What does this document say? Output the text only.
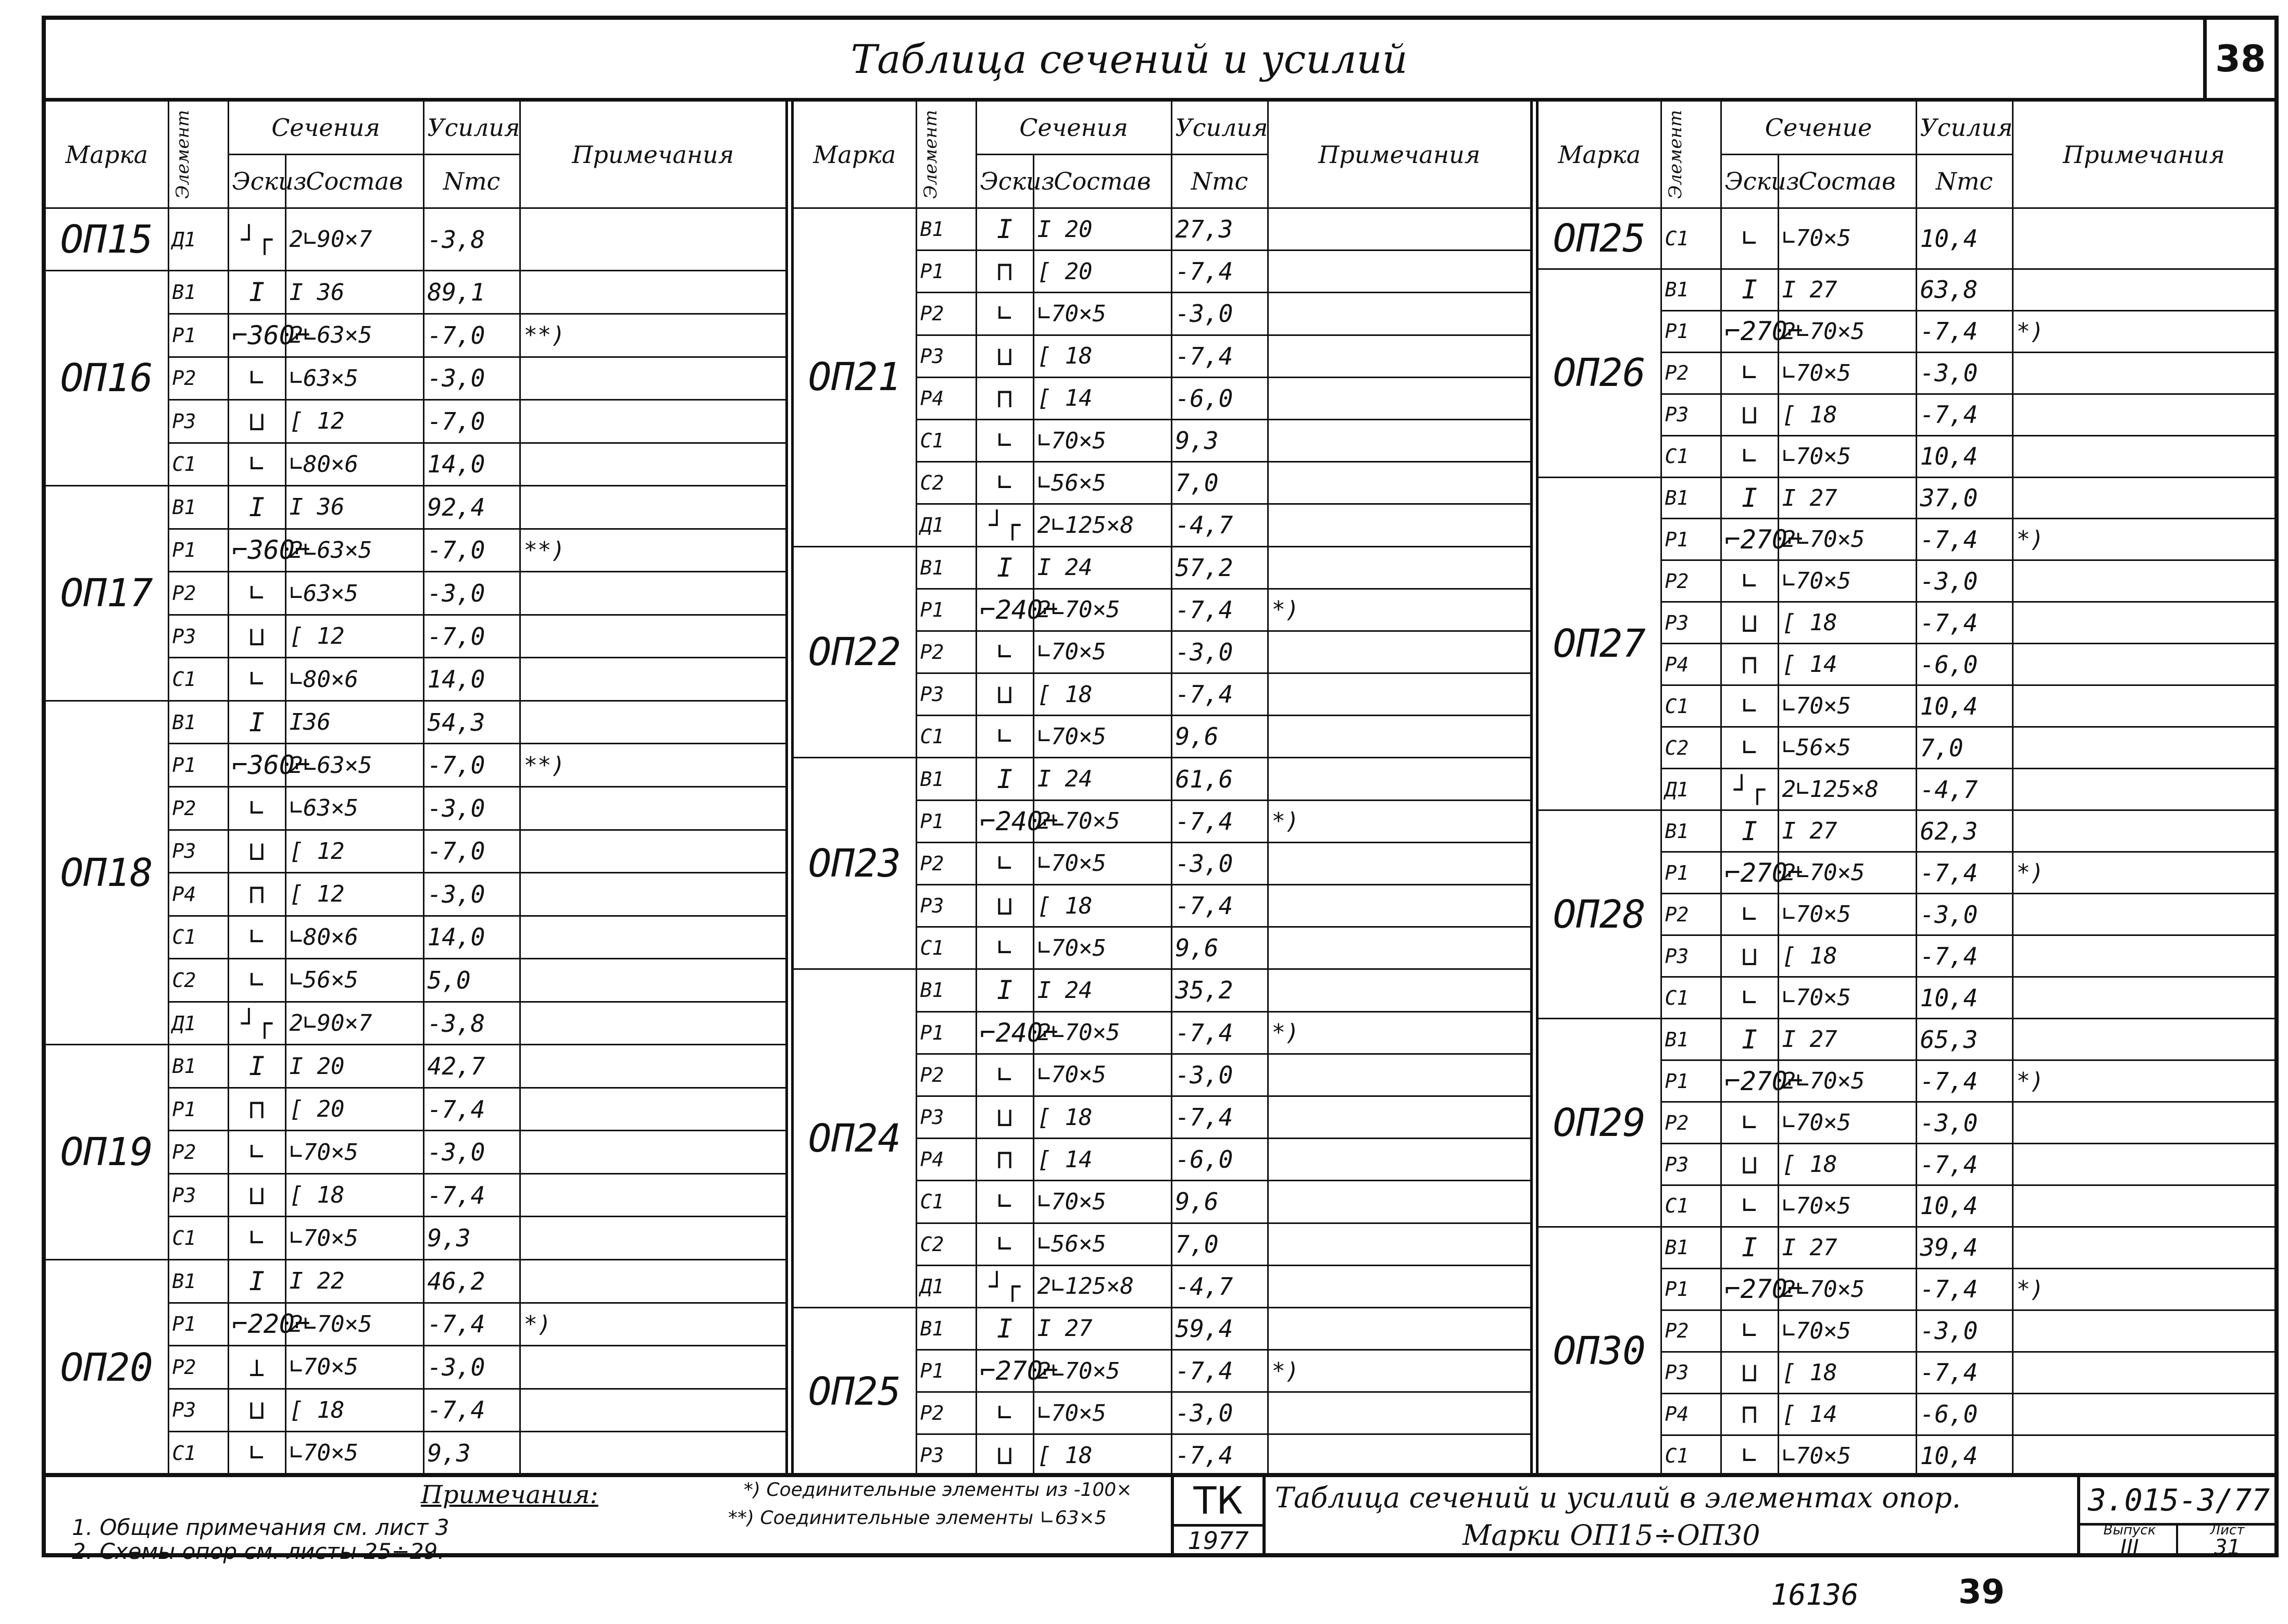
Таблица сечений и усилий	38
Марка	Элемент	Сечения		Усилия	Примечания
		Эскиз	Состав	Nтс	
ОП15	Д1	┘┌	2∟90×7	-3,8	
ОП16	В1	I	I 36	89,1	
	Р1	⌐360⌐	2∟63×5	-7,0	**)
	Р2	∟	∟63×5	-3,0	
	Р3	⊔	[ 12	-7,0	
	С1	∟	∟80×6	14,0	
ОП17	В1	I	I 36	92,4	
	Р1	⌐360⌐	2∟63×5	-7,0	**)
	Р2	∟	∟63×5	-3,0	
	Р3	⊔	[ 12	-7,0	
	С1	∟	∟80×6	14,0	
ОП18	В1	I	I36	54,3	
	Р1	⌐360⌐	2∟63×5	-7,0	**)
	Р2	∟	∟63×5	-3,0	
	Р3	⊔	[ 12	-7,0	
	Р4	⊓	[ 12	-3,0	
	С1	∟	∟80×6	14,0	
	С2	∟	∟56×5	5,0	
	Д1	┘┌	2∟90×7	-3,8	
ОП19	В1	I	I 20	42,7	
	Р1	⊓	[ 20	-7,4	
	Р2	∟	∟70×5	-3,0	
	Р3	⊔	[ 18	-7,4	
	С1	∟	∟70×5	9,3	
ОП20	В1	I	I 22	46,2	
	Р1	⌐220⌐	2∟70×5	-7,4	*)
	Р2	⊥	∟70×5	-3,0	
	Р3	⊔	[ 18	-7,4	
	С1	∟	∟70×5	9,3	

Марка	Элемент	Сечения		Усилия	Примечания
		Эскиз	Состав	Nтс	
ОП21	В1	I	I 20	27,3	
	Р1	⊓	[ 20	-7,4	
	Р2	∟	∟70×5	-3,0	
	Р3	⊔	[ 18	-7,4	
	Р4	⊓	[ 14	-6,0	
	С1	∟	∟70×5	9,3	
	С2	∟	∟56×5	7,0	
	Д1	┘┌	2∟125×8	-4,7	
ОП22	В1	I	I 24	57,2	
	Р1	⌐240⌐	2∟70×5	-7,4	*)
	Р2	∟	∟70×5	-3,0	
	Р3	⊔	[ 18	-7,4	
	С1	∟	∟70×5	9,6	
ОП23	В1	I	I 24	61,6	
	Р1	⌐240⌐	2∟70×5	-7,4	*)
	Р2	∟	∟70×5	-3,0	
	Р3	⊔	[ 18	-7,4	
	С1	∟	∟70×5	9,6	
ОП24	В1	I	I 24	35,2	
	Р1	⌐240⌐	2∟70×5	-7,4	*)
	Р2	∟	∟70×5	-3,0	
	Р3	⊔	[ 18	-7,4	
	Р4	⊓	[ 14	-6,0	
	С1	∟	∟70×5	9,6	
	С2	∟	∟56×5	7,0	
	Д1	┘┌	2∟125×8	-4,7	
ОП25	В1	I	I 27	59,4	
	Р1	⌐270⌐	2∟70×5	-7,4	*)
	Р2	∟	∟70×5	-3,0	
	Р3	⊔	[ 18	-7,4	
Марка	Элемент	Сечение		Усилия	Примечания
		Эскиз	Состав	Nтс	
ОП25	С1	∟	∟70×5	10,4	
ОП26	В1	I	I 27	63,8	
	Р1	⌐270⌐	2∟70×5	-7,4	*)
	Р2	∟	∟70×5	-3,0	
	Р3	⊔	[ 18	-7,4	
	С1	∟	∟70×5	10,4	
ОП27	В1	I	I 27	37,0	
	Р1	⌐270⌐	2∟70×5	-7,4	*)
	Р2	∟	∟70×5	-3,0	
	Р3	⊔	[ 18	-7,4	
	Р4	⊓	[ 14	-6,0	
	С1	∟	∟70×5	10,4	
	С2	∟	∟56×5	7,0	
	Д1	┘┌	2∟125×8	-4,7	
ОП28	В1	I	I 27	62,3	
	Р1	⌐270⌐	2∟70×5	-7,4	*)
	Р2	∟	∟70×5	-3,0	
	Р3	⊔	[ 18	-7,4	
	С1	∟	∟70×5	10,4	
ОП29	В1	I	I 27	65,3	
	Р1	⌐270⌐	2∟70×5	-7,4	*)
	Р2	∟	∟70×5	-3,0	
	Р3	⊔	[ 18	-7,4	
	С1	∟	∟70×5	10,4	
ОП30	В1	I	I 27	39,4	
	Р1	⌐270⌐	2∟70×5	-7,4	*)
	Р2	∟	∟70×5	-3,0	
	Р3	⊔	[ 18	-7,4	
	Р4	⊓	[ 14	-6,0	
	С1	∟	∟70×5	10,4	
Примечания:
1. Общие примечания см. лист 3
2. Схемы опор см. листы 25÷29.
*) Соединительные элементы из -100×
**) Соединительные элементы ∟63×5	ТК
1977
Таблица сечений и усилий в элементах опор.
Марки ОП15÷ОП30
3.015-3/77
Выпуск
III
Лист
31
16136	39
